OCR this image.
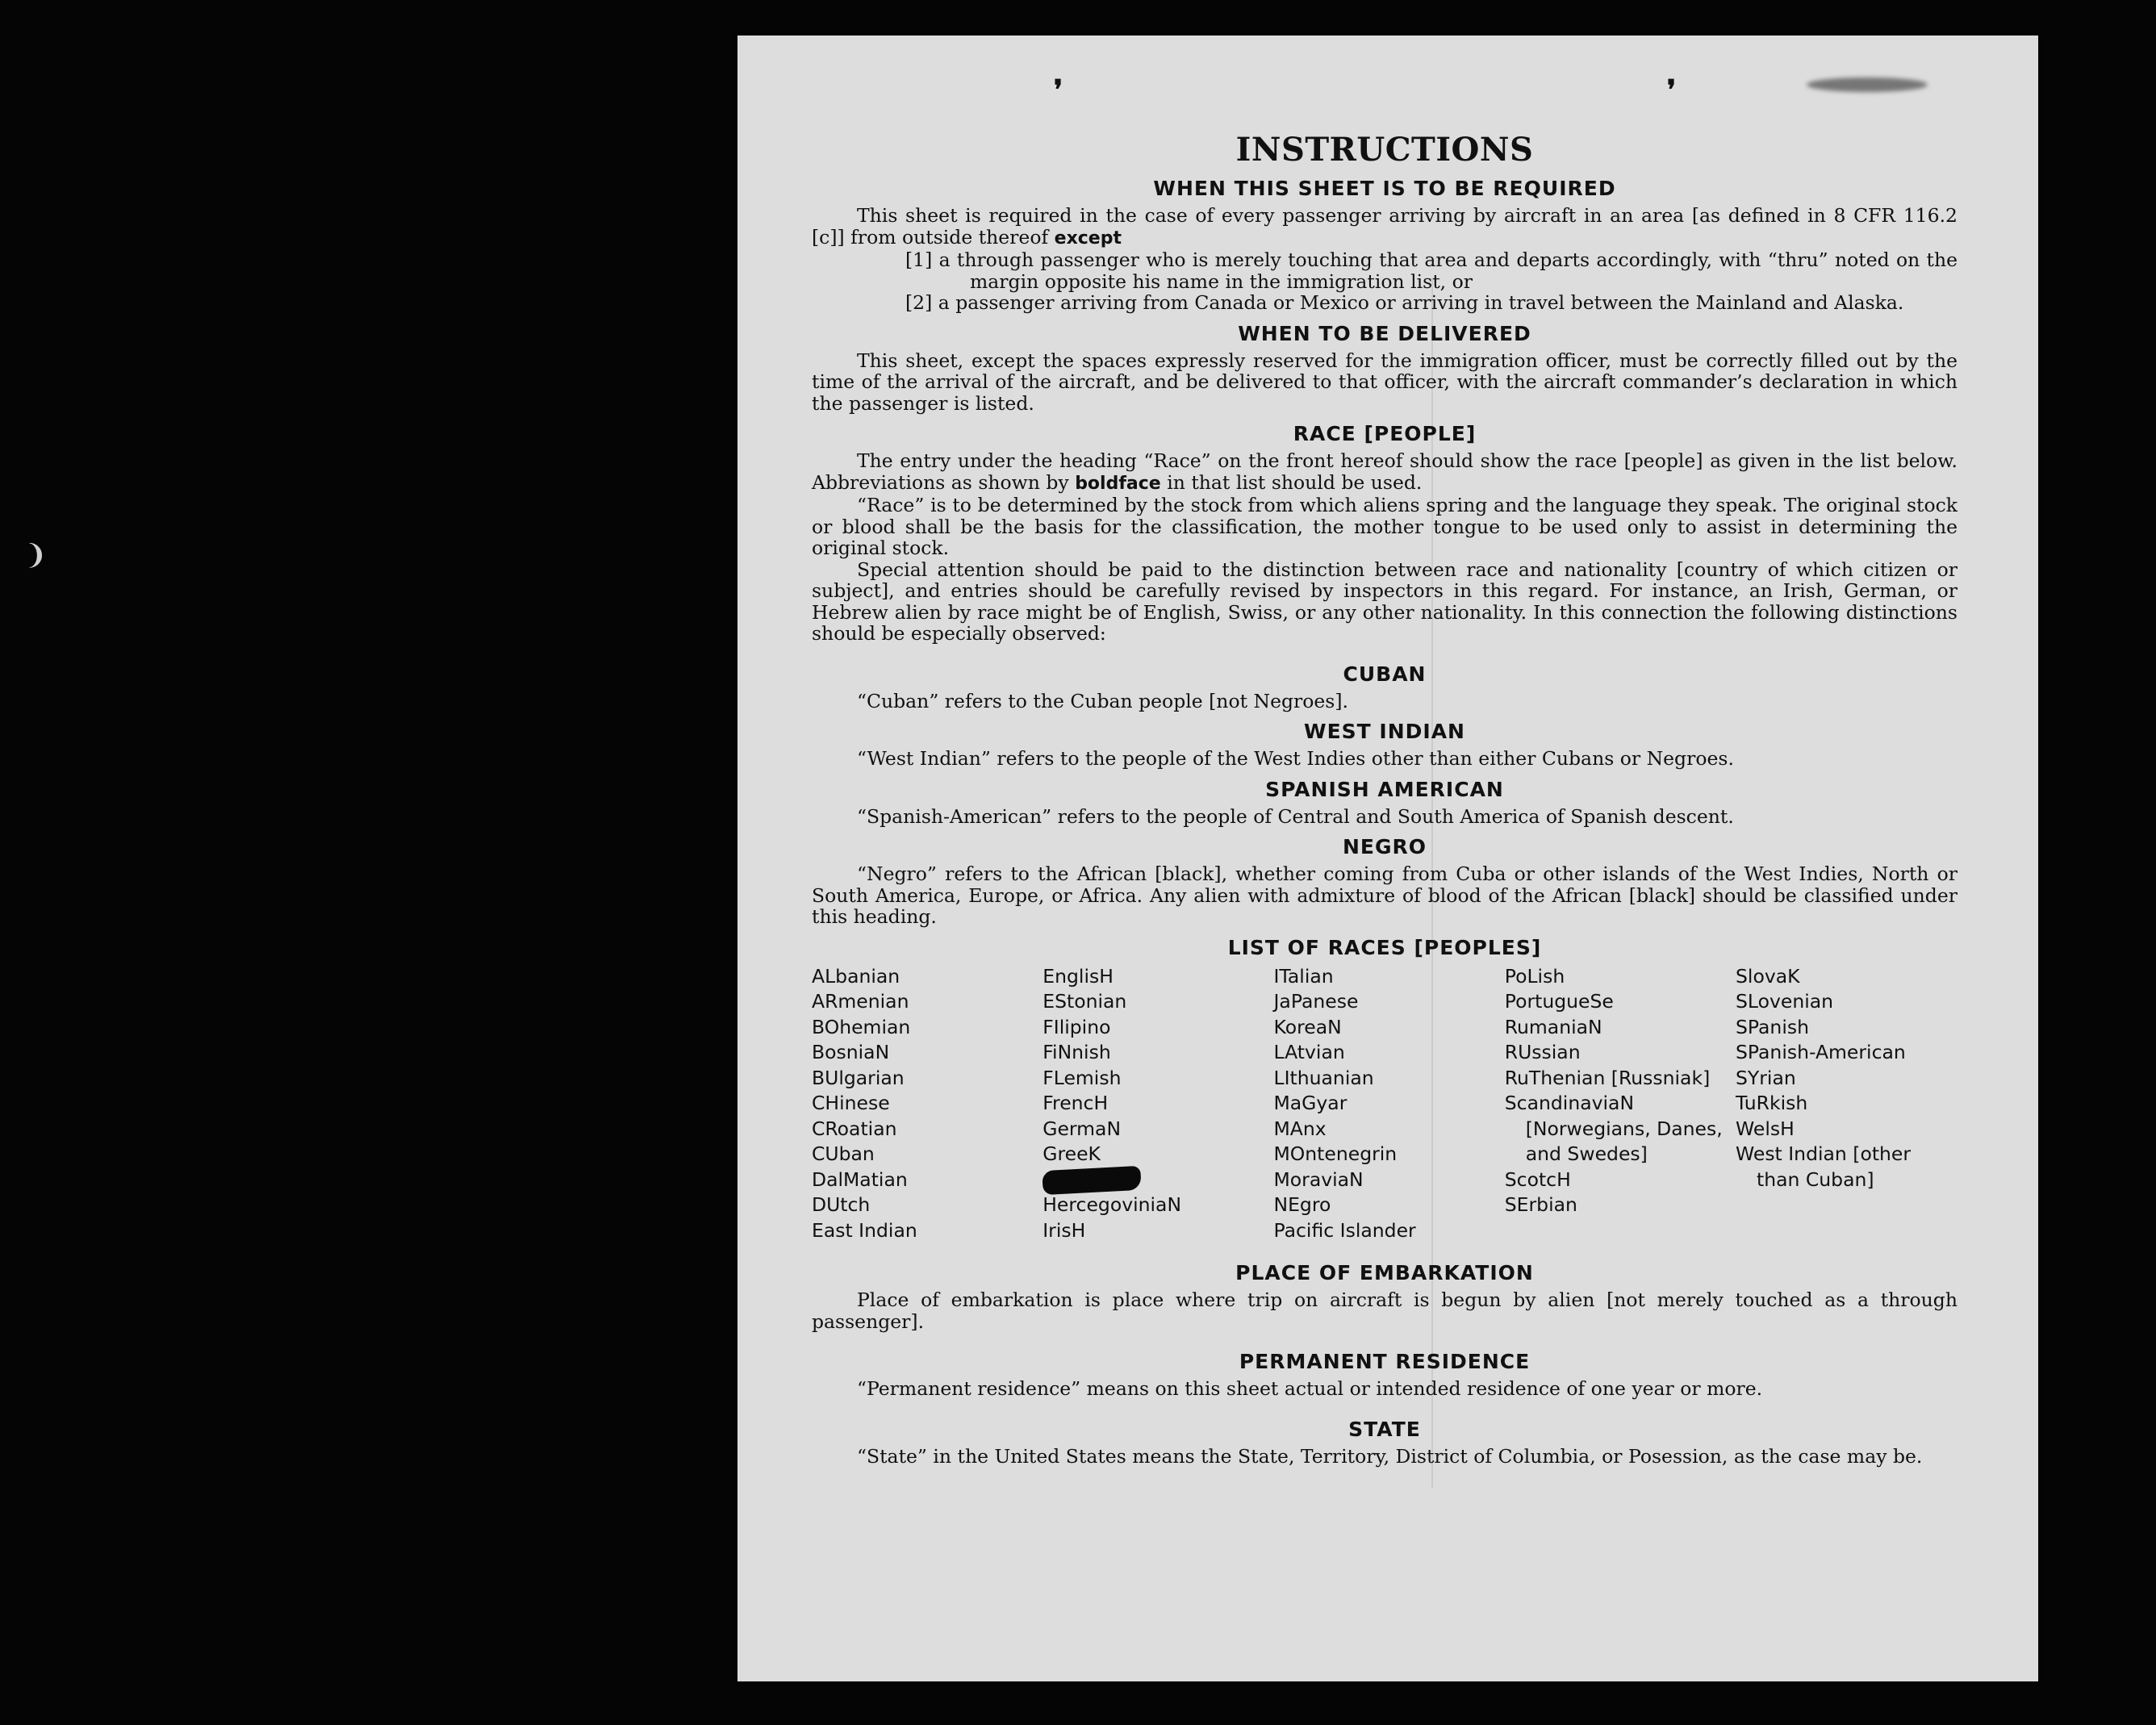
❩
❜	❜
INSTRUCTIONS
WHEN THIS SHEET IS TO BE REQUIRED

This sheet is required in the case of every passenger arriving by aircraft in an area [as defined in 8 CFR 116.2 [c]] from outside thereof except

[1] a through passenger who is merely touching that area and departs accordingly, with “thru” noted on the margin opposite his name in the immigration list, or
[2] a passenger arriving from Canada or Mexico or arriving in travel between the Mainland and Alaska.
WHEN TO BE DELIVERED

This sheet, except the spaces expressly reserved for the immigration officer, must be correctly filled out by the time of the arrival of the aircraft, and be delivered to that officer, with the aircraft commander’s declaration in which the passenger is listed.

RACE [PEOPLE]

The entry under the heading “Race” on the front hereof should show the race [people] as given in the list below. Abbreviations as shown by boldface in that list should be used.

“Race” is to be determined by the stock from which aliens spring and the language they speak. The original stock or blood shall be the basis for the classification, the mother tongue to be used only to assist in determining the original stock.

Special attention should be paid to the distinction between race and nationality [country of which citizen or subject], and entries should be carefully revised by inspectors in this regard. For instance, an Irish, German, or Hebrew alien by race might be of English, Swiss, or any other nationality. In this connection the following distinctions should be especially observed:

CUBAN

“Cuban” refers to the Cuban people [not Negroes].

WEST INDIAN

“West Indian” refers to the people of the West Indies other than either Cubans or Negroes.

SPANISH AMERICAN

“Spanish-American” refers to the people of Central and South America of Spanish descent.

NEGRO

“Negro” refers to the African [black], whether coming from Cuba or other islands of the West Indies, North or South America, Europe, or Africa. Any alien with admixture of blood of the African [black] should be classified under this heading.

LIST OF RACES [PEOPLES]
ALbanian
ARmenian
BOhemian
BosniaN
BUlgarian
CHinese
CRoatian
CUban
DalMatian
DUtch
East Indian
EnglisH
EStonian
FIlipino
FiNnish
FLemish
FrencH
GermaN
GreeK
HercegoviniaN
IrisH
ITalian
JaPanese
KoreaN
LAtvian
LIthuanian
MaGyar
MAnx
MOntenegrin
MoraviaN
NEgro
Pacific Islander
PoLish
PortugueSe
RumaniaN
RUssian
RuThenian [Russniak]
ScandinaviaN [Norwegians, Danes, and Swedes]
ScotcH
SErbian
SlovaK
SLovenian
SPanish
SPanish-American
SYrian
TuRkish
WelsH
West Indian [other than Cuban]
PLACE OF EMBARKATION

Place of embarkation is place where trip on aircraft is begun by alien [not merely touched as a through passenger].

PERMANENT RESIDENCE

“Permanent residence” means on this sheet actual or intended residence of one year or more.

STATE

“State” in the United States means the State, Territory, District of Columbia, or Posession, as the case may be.
